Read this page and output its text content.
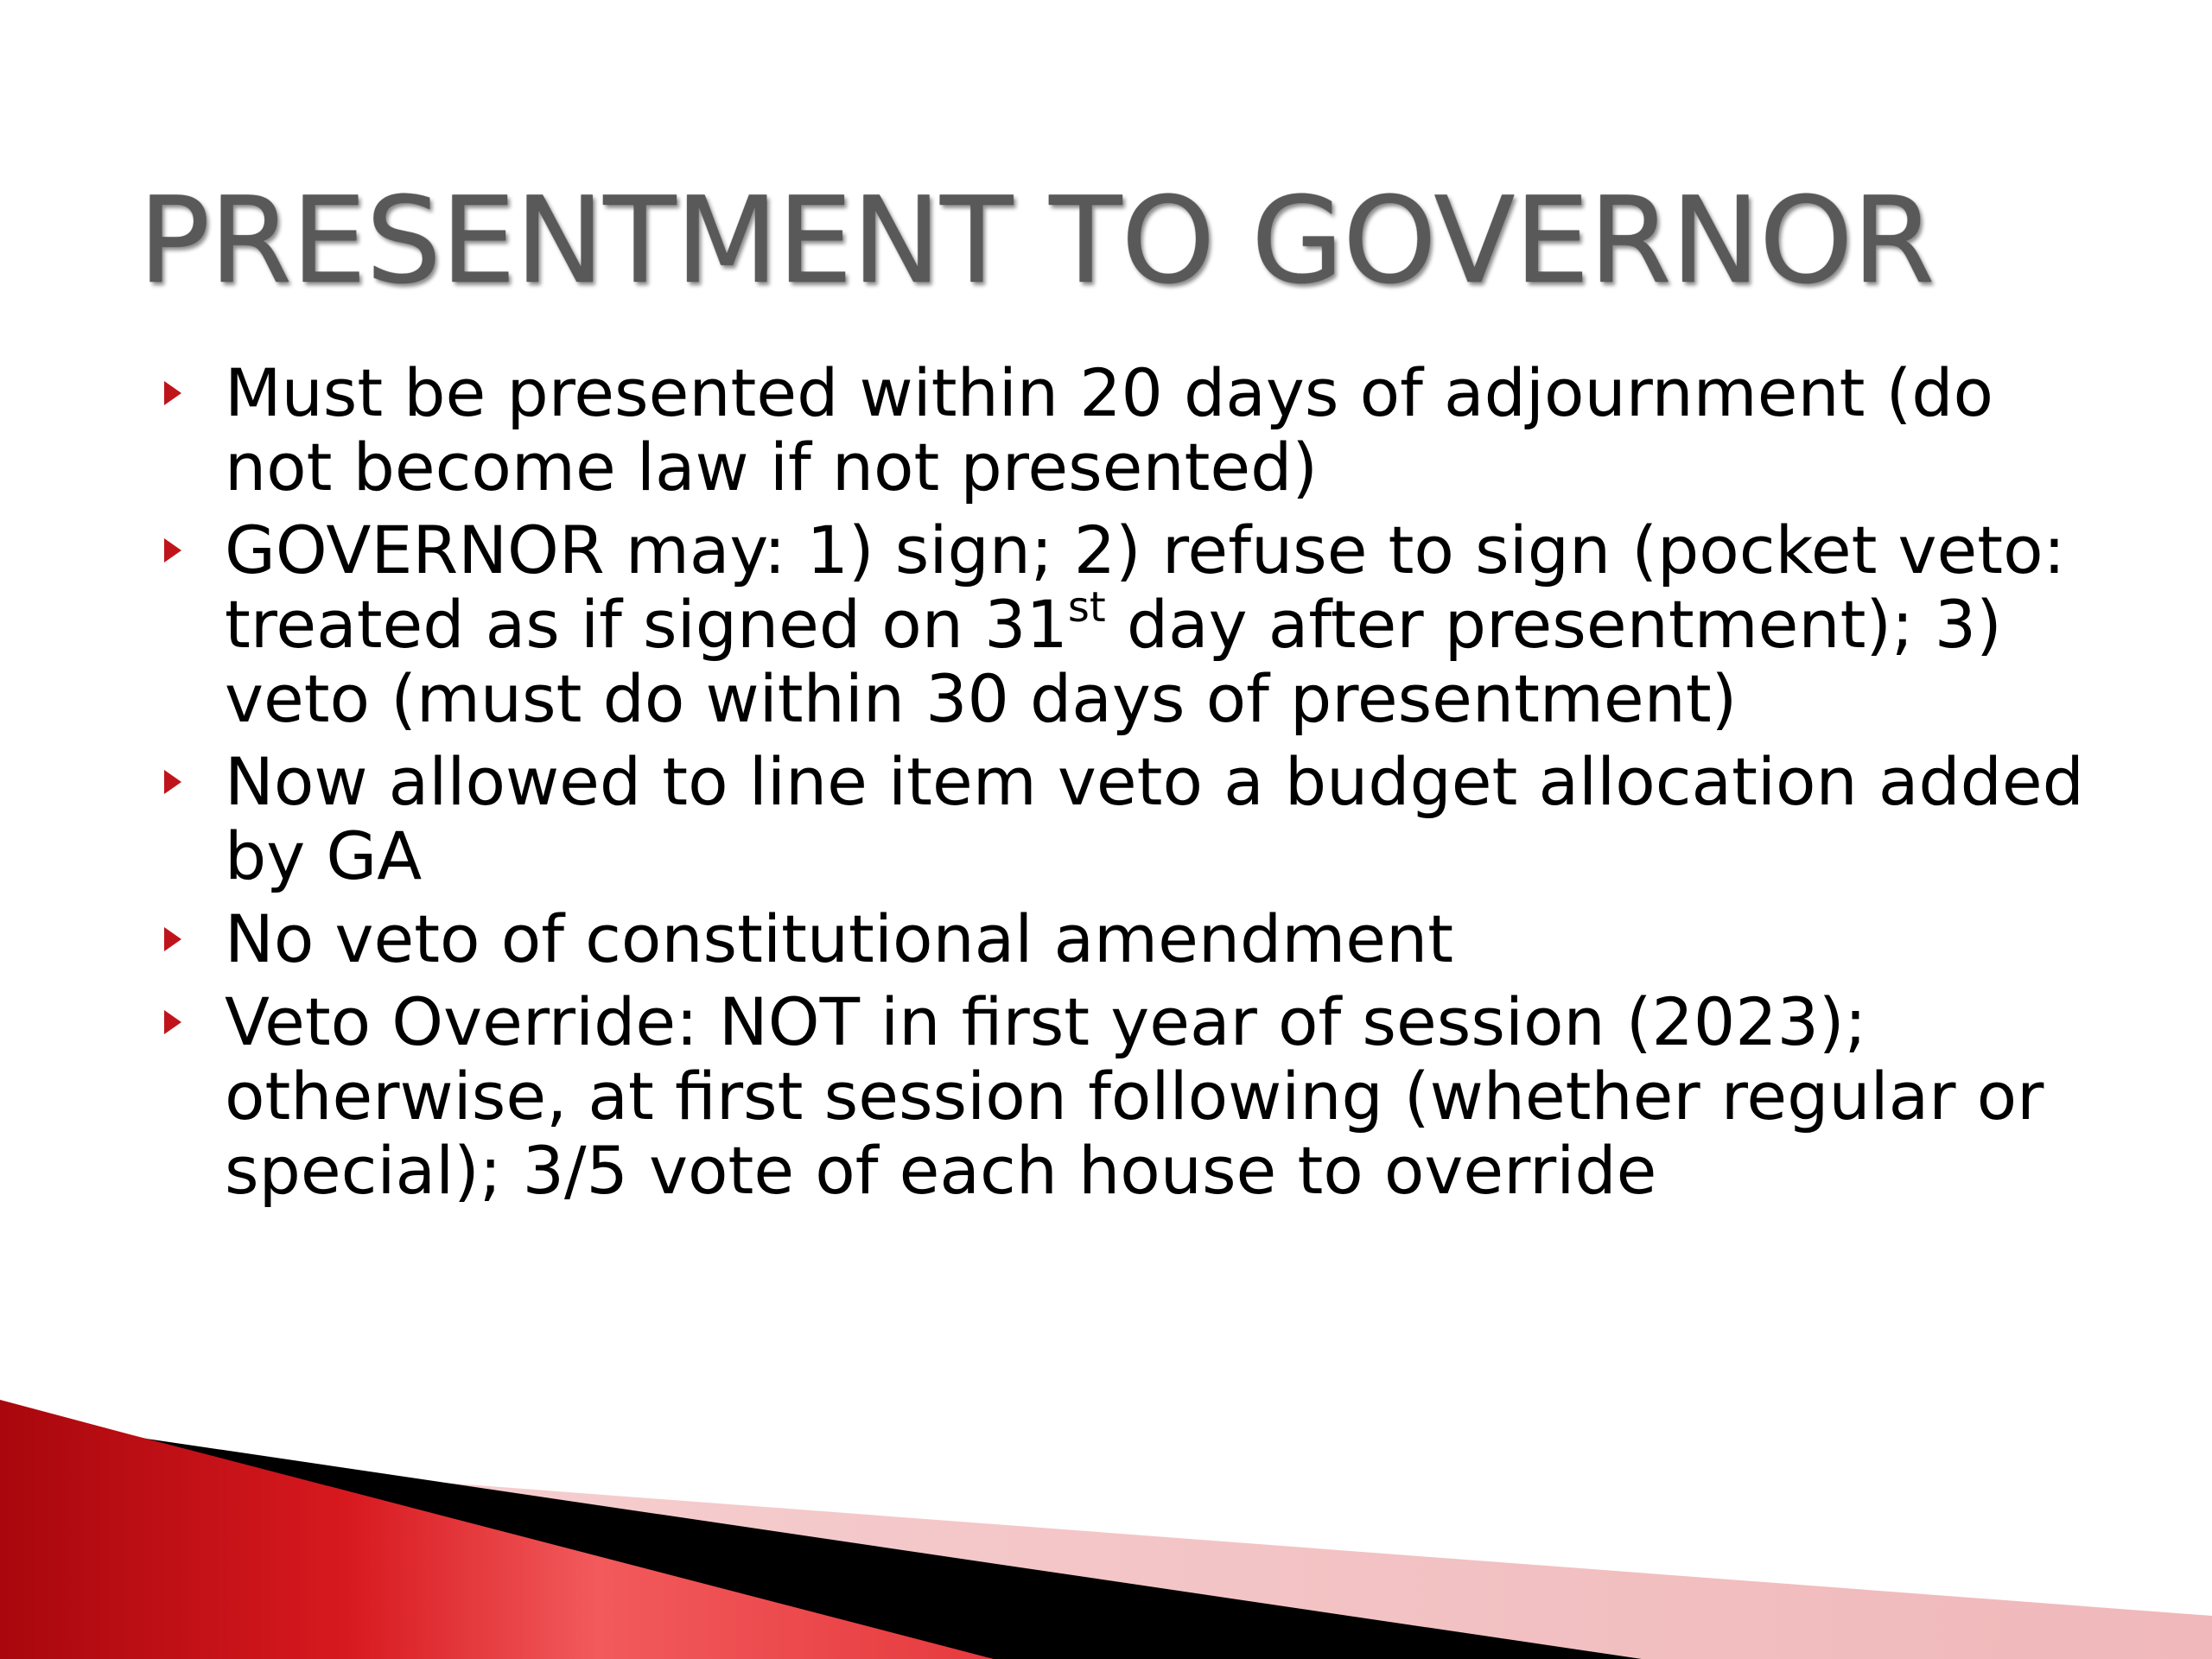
PRESENTMENT TO GOVERNOR
Must be presented within 20 days of adjournment (do not become law if not presented)
GOVERNOR may: 1) sign; 2) refuse to sign (pocket veto: treated as if signed on 31st day after presentment); 3) veto (must do within 30 days of presentment)
Now allowed to line item veto a budget allocation added by GA
No veto of constitutional amendment
Veto Override: NOT in first year of session (2023); otherwise, at first session following (whether regular or special); 3/5 vote of each house to override
